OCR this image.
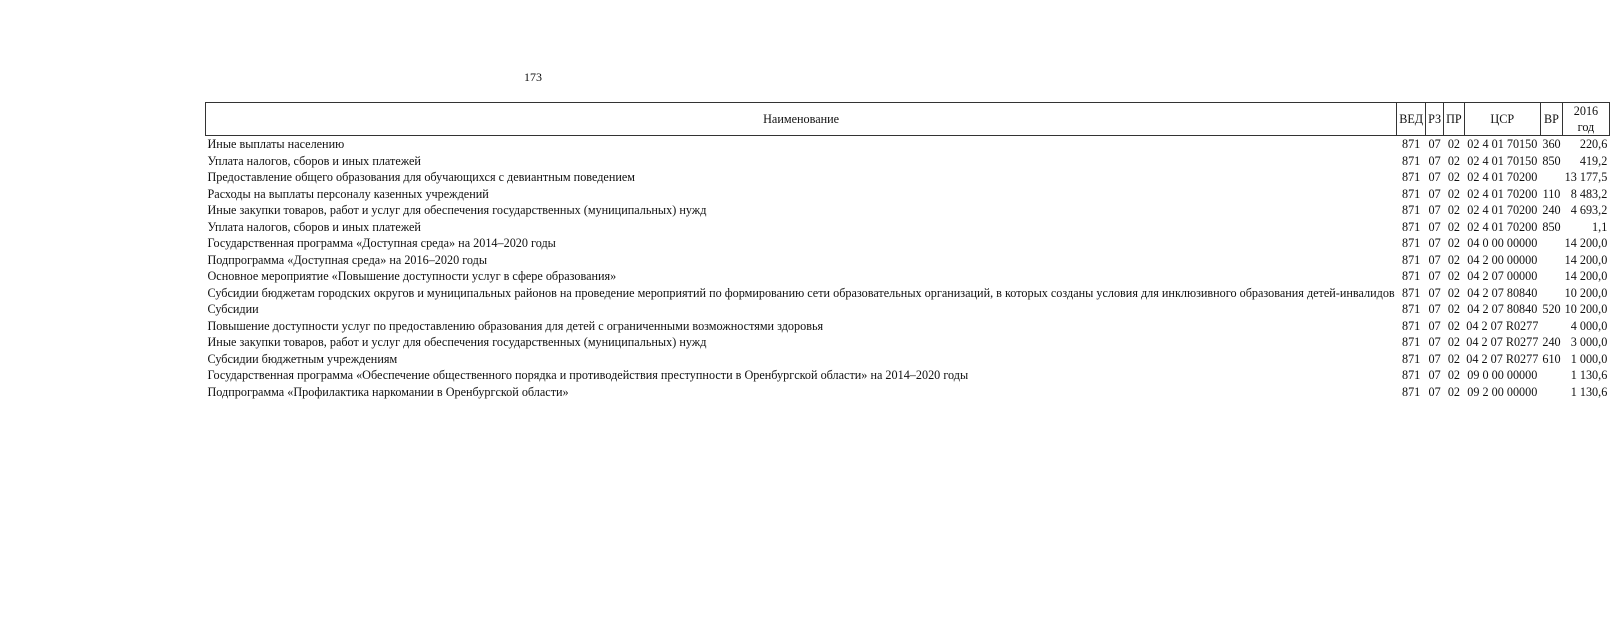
173
Наименование	ВЕД	РЗ	ПР	ЦСР	ВР	2016 год
Иные выплаты населению	871	07	02	02 4 01 70150	360	220,6
Уплата налогов, сборов и иных платежей	871	07	02	02 4 01 70150	850	419,2
Предоставление общего образования для обучающихся с девиантным поведением	871	07	02	02 4 01 70200		13 177,5
Расходы на выплаты персоналу казенных учреждений	871	07	02	02 4 01 70200	110	8 483,2
Иные закупки товаров, работ и услуг для обеспечения государственных (муниципальных) нужд	871	07	02	02 4 01 70200	240	4 693,2
Уплата налогов, сборов и иных платежей	871	07	02	02 4 01 70200	850	1,1
Государственная программа «Доступная среда» на 2014–2020 годы	871	07	02	04 0 00 00000		14 200,0
Подпрограмма «Доступная среда» на 2016–2020 годы	871	07	02	04 2 00 00000		14 200,0
Основное мероприятие «Повышение доступности услуг в сфере образования»	871	07	02	04 2 07 00000		14 200,0
Субсидии бюджетам городских округов и муниципальных районов на проведение мероприятий по формированию сети образовательных организаций, в которых созданы условия для инклюзивного образования детей-инвалидов	871	07	02	04 2 07 80840		10 200,0
Субсидии	871	07	02	04 2 07 80840	520	10 200,0
Повышение доступности услуг по предоставлению образования для детей с ограниченными возможностями здоровья	871	07	02	04 2 07 R0277		4 000,0
Иные закупки товаров, работ и услуг для обеспечения государственных (муниципальных) нужд	871	07	02	04 2 07 R0277	240	3 000,0
Субсидии бюджетным учреждениям	871	07	02	04 2 07 R0277	610	1 000,0
Государственная программа «Обеспечение общественного порядка и противодействия преступности в Оренбургской области» на 2014–2020 годы	871	07	02	09 0 00 00000		1 130,6
Подпрограмма «Профилактика наркомании в Оренбургской области»	871	07	02	09 2 00 00000		1 130,6
